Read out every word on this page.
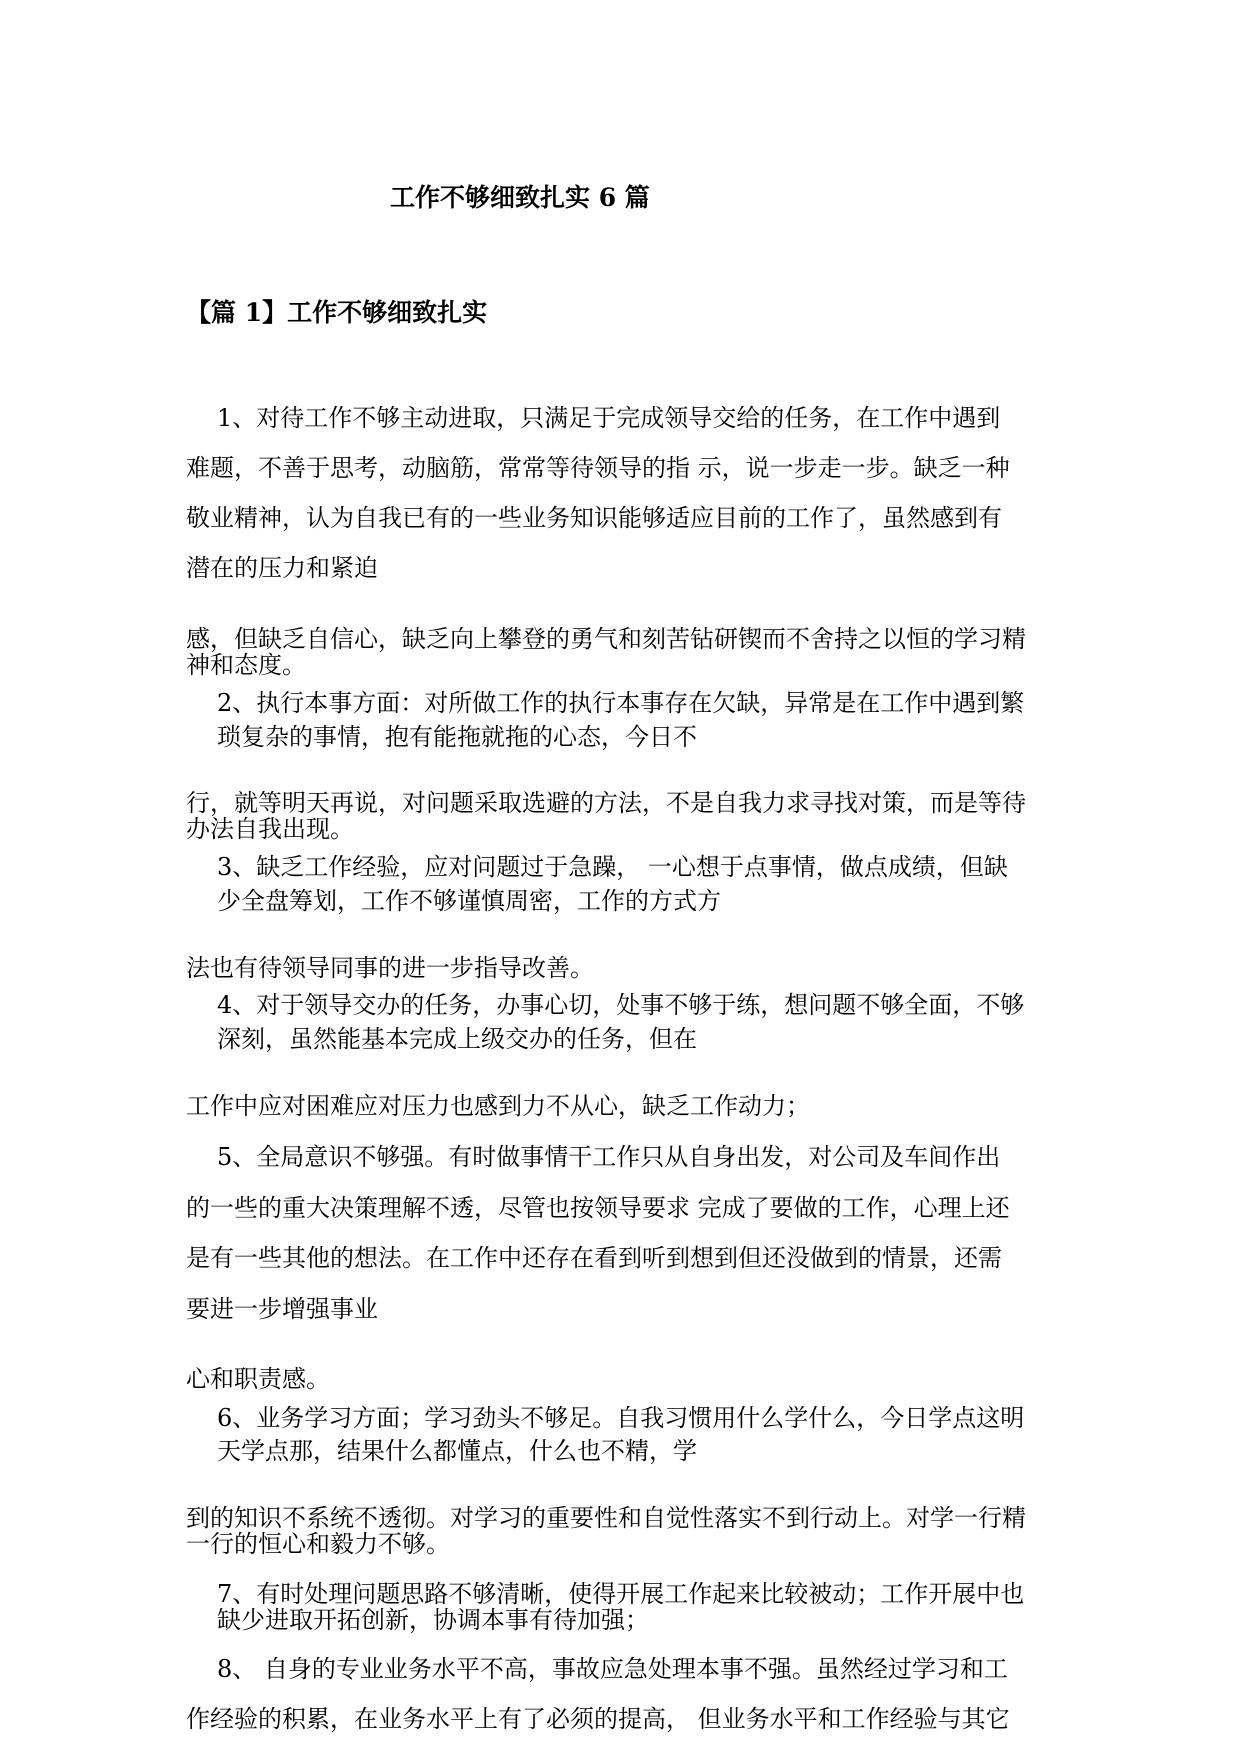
工作不够细致扎实 6 篇
【篇 1】工作不够细致扎实
1、对待工作不够主动进取，只满足于完成领导交给的任务，在工作中遇到
难题，不善于思考，动脑筋，常常等待领导的指 示，说一步走一步。缺乏一种
敬业精神，认为自我已有的一些业务知识能够适应目前的工作了，虽然感到有
潜在的压力和紧迫
感，但缺乏自信心，缺乏向上攀登的勇气和刻苦钻研锲而不舍持之以恒的学习精
神和态度。
2、执行本事方面：对所做工作的执行本事存在欠缺，异常是在工作中遇到繁
琐复杂的事情，抱有能拖就拖的心态，今日不
行，就等明天再说，对问题采取选避的方法，不是自我力求寻找对策，而是等待
办法自我出现。
3、缺乏工作经验，应对问题过于急躁， 一心想于点事情，做点成绩，但缺
少全盘筹划，工作不够谨慎周密，工作的方式方
法也有待领导同事的进一步指导改善。
4、对于领导交办的任务，办事心切，处事不够于练，想问题不够全面，不够
深刻，虽然能基本完成上级交办的任务，但在
工作中应对困难应对压力也感到力不从心，缺乏工作动力；
5、全局意识不够强。有时做事情干工作只从自身出发，对公司及车间作出
的一些的重大决策理解不透，尽管也按领导要求 完成了要做的工作，心理上还
是有一些其他的想法。在工作中还存在看到听到想到但还没做到的情景，还需
要进一步增强事业
心和职责感。
6、业务学习方面；学习劲头不够足。自我习惯用什么学什么，今日学点这明
天学点那，结果什么都懂点，什么也不精，学
到的知识不系统不透彻。对学习的重要性和自觉性落实不到行动上。对学一行精
一行的恒心和毅力不够。
7、有时处理问题思路不够清晰，使得开展工作起来比较被动；工作开展中也
缺少进取开拓创新，协调本事有待加强；
8、 自身的专业业务水平不高，事故应急处理本事不强。虽然经过学习和工
作经验的积累，在业务水平上有了必须的提高， 但业务水平和工作经验与其它
